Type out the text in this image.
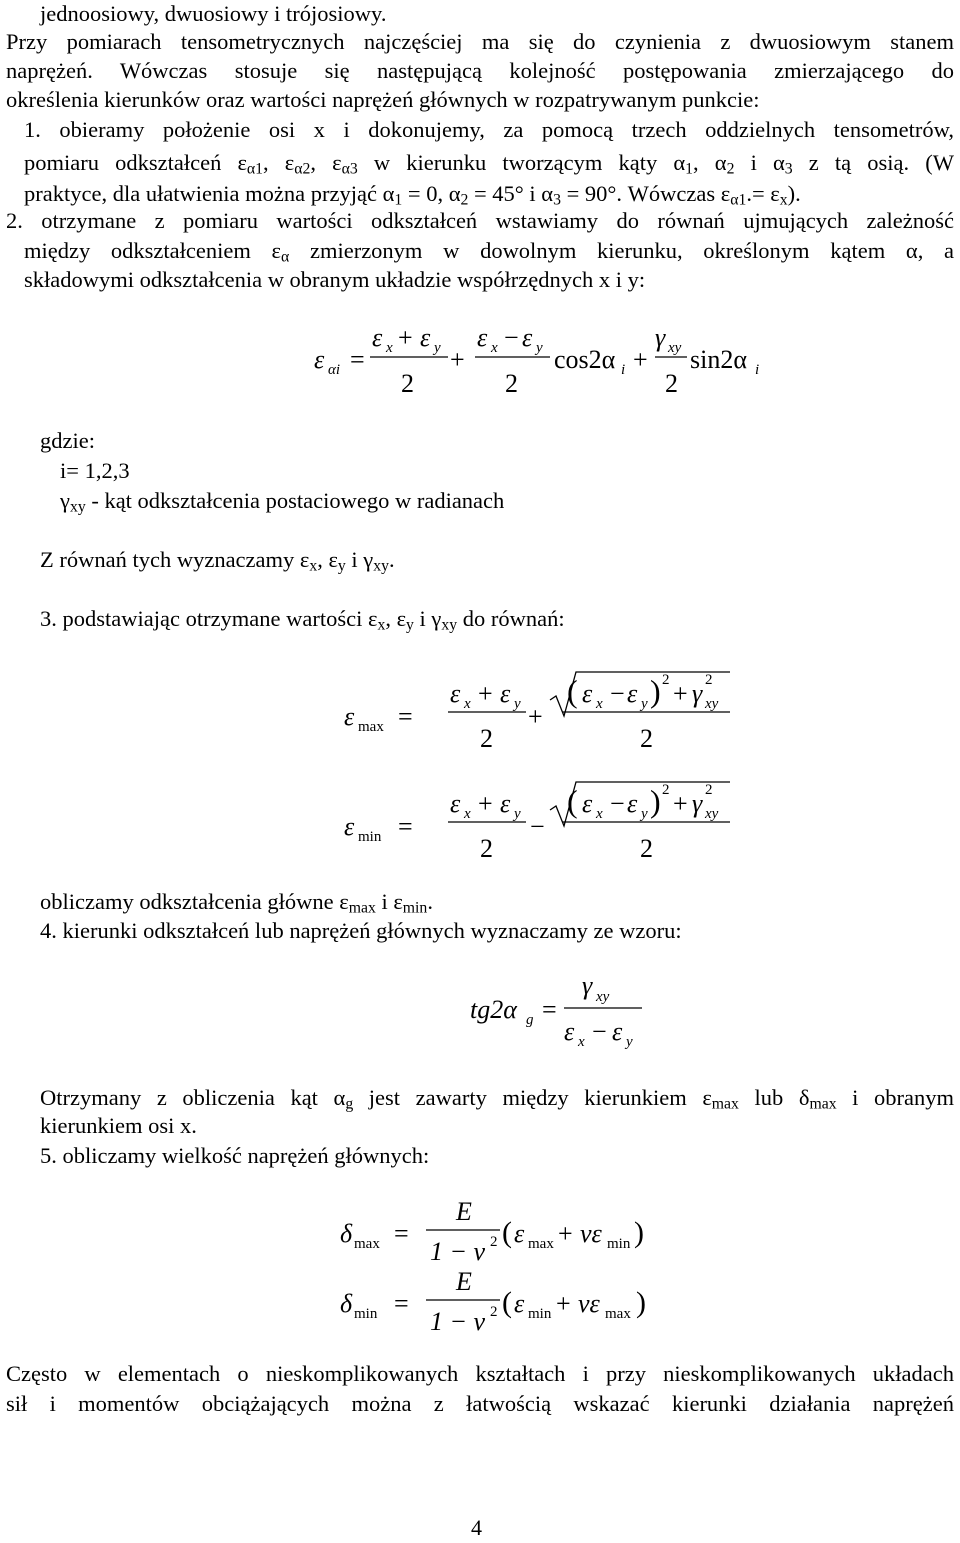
jednoosiowy, dwuosiowy i trójosiowy.
Przy pomiarach tensometrycznych najczęściej ma się do czynienia z dwuosiowym stanem
naprężeń. Wówczas stosuje się następującą kolejność postępowania zmierzającego do
określenia kierunków oraz wartości naprężeń głównych w rozpatrywanym punkcie:
1. obieramy położenie osi x i dokonujemy, za pomocą trzech oddzielnych tensometrów,
pomiaru odkształceń $\varepsilon_{\alpha 1}$, $\varepsilon_{\alpha 2}$, $\varepsilon_{\alpha 3}$ w kierunku tworzącym kąty $\alpha_1$, $\alpha_2$ i $\alpha_3$ z tą osią. (W
praktyce, dla ułatwienia można przyjąć $\alpha_1 = 0$, $\alpha_2 = 45^\circ$ i $\alpha_3 = 90^\circ$. Wówczas $\varepsilon_{\alpha 1}.= \varepsilon_x$).
2. otrzymane z pomiaru wartości odkształceń wstawiamy do równań ujmujących zależność
między odkształceniem $\varepsilon_\alpha$ zmierzonym w dowolnym kierunku, określonym kątem α, a
składowymi odkształcenia w obranym układzie współrzędnych x i y:
ε αi =
ε x + ε y
2
+
ε x − ε y
2
cos2α i +
γ xy
2
sin2α i
gdzie:
i= 1,2,3
$\gamma_{xy}$ - kąt odkształcenia postaciowego w radianach
Z równań tych wyznaczamy $\varepsilon_x$, $\varepsilon_y$ i $\gamma_{xy}$.
3. podstawiając otrzymane wartości $\varepsilon_x$, $\varepsilon_y$ i $\gamma_{xy}$ do równań:
ε max =
ε x + ε y
2
+
( ε x − ε y ) 2 + γ 2
xy
2
ε min =
ε x + ε y
2
−
( ε x − ε y ) 2 + γ 2
xy
2
obliczamy odkształcenia główne $\varepsilon_{max}$ i $\varepsilon_{min}$.
4. kierunki odkształceń lub naprężeń głównych wyznaczamy ze wzoru:
tg2α g =
γ xy
ε x − ε y
Otrzymany z obliczenia kąt $\alpha_g$ jest zawarty między kierunkiem $\varepsilon_{max}$ lub $\delta_{max}$ i obranym
kierunkiem osi x.
5. obliczamy wielkość naprężeń głównych:
δ max =
E
1 − ν 2 ( ε max + νε min )
δ min =
E
1 − ν 2 ( ε min + νε max )
Często w elementach o nieskomplikowanych kształtach i przy nieskomplikowanych układach
sił i momentów obciążających można z łatwością wskazać kierunki działania naprężeń
4
